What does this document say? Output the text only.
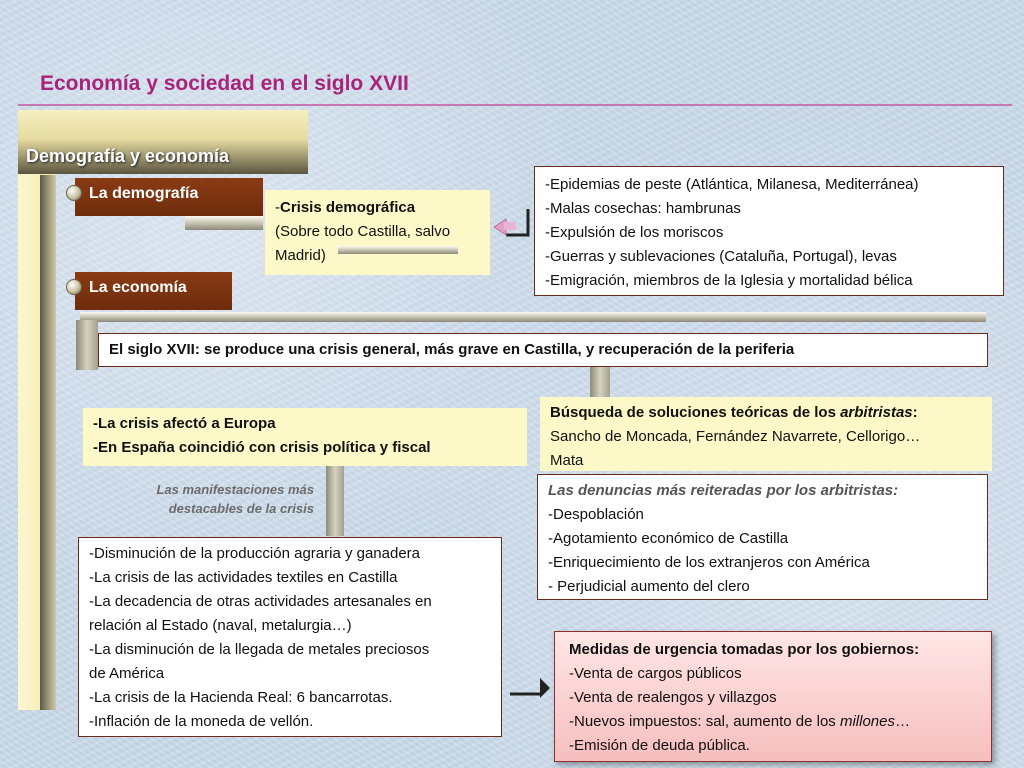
Economía y sociedad en el siglo XVII
Demografía y economía
La demografía
-Crisis demográfica
(Sobre todo Castilla, salvo
Madrid)
-Epidemias de peste (Atlántica, Milanesa, Mediterránea)
-Malas cosechas: hambrunas
-Expulsión de los moriscos
-Guerras y sublevaciones (Cataluña, Portugal), levas
-Emigración, miembros de la Iglesia y mortalidad bélica
La economía
El siglo XVII: se produce una crisis general, más grave en Castilla, y recuperación de la periferia
-La crisis afectó a Europa
-En España coincidió con crisis política y fiscal
Las manifestaciones más
destacables de la crisis
-Disminución de la producción agraria y ganadera
-La crisis de las actividades textiles en Castilla
-La decadencia de otras actividades artesanales en
relación al Estado (naval, metalurgia…)
-La disminución de la llegada de metales preciosos
de América
-La crisis de la Hacienda Real: 6 bancarrotas.
-Inflación de la moneda de vellón.
Búsqueda de soluciones teóricas de los arbitristas:
Sancho de Moncada, Fernández Navarrete, Cellorigo…
Mata
Las denuncias más reiteradas por los arbitristas:
-Despoblación
-Agotamiento económico de Castilla
-Enriquecimiento de los extranjeros con América
- Perjudicial aumento del clero
Medidas de urgencia tomadas por los gobiernos:
-Venta de cargos públicos
-Venta de realengos y villazgos
-Nuevos impuestos: sal, aumento de los millones…
-Emisión de deuda pública.
